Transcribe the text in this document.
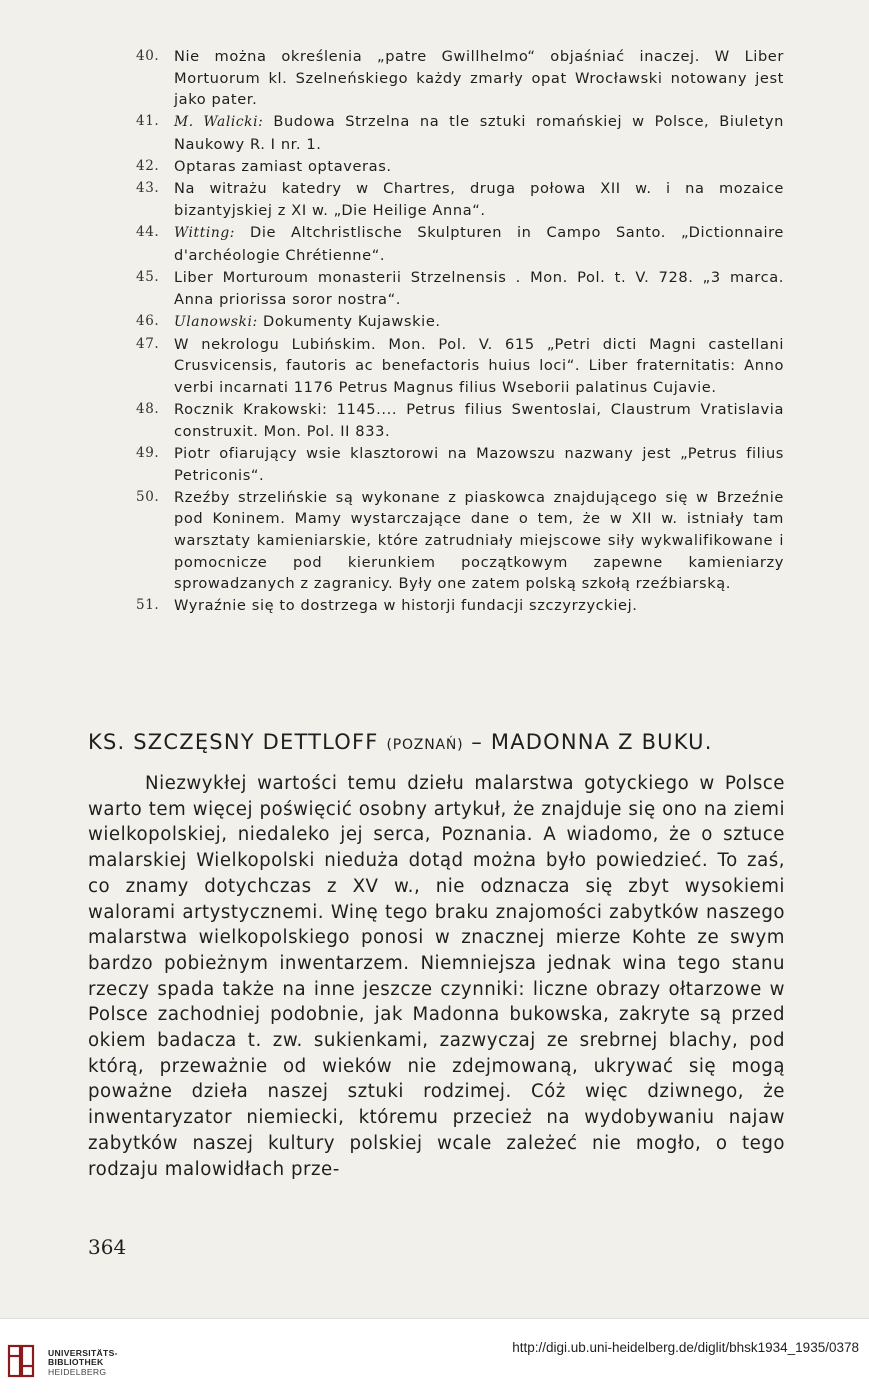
40.	Nie można określenia „patre Gwillhelmo“ objaśniać inaczej. W Liber Mortuorum kl. Szelneńskiego każdy zmarły opat Wrocławski notowany jest jako pater.
41.	M. Walicki: Budowa Strzelna na tle sztuki romańskiej w Polsce, Biuletyn Naukowy R. I nr. 1.
42.	Optaras zamiast optaveras.
43.	Na witrażu katedry w Chartres, druga połowa XII w. i na mozaice bizantyjskiej z XI w. „Die Heilige Anna“.
44.	Witting: Die Altchristlische Skulpturen in Campo Santo. „Dictionnaire d'archéologie Chrétienne“.
45.	Liber Morturoum monasterii Strzelnensis . Mon. Pol. t. V. 728. „3 marca. Anna priorissa soror nostra“.
46.	Ulanowski: Dokumenty Kujawskie.
47.	W nekrologu Lubińskim. Mon. Pol. V. 615 „Petri dicti Magni castellani Crusvicensis, fautoris ac benefactoris huius loci“. Liber fraternitatis: Anno verbi incarnati 1176 Petrus Magnus filius Wseborii palatinus Cujavie.
48.	Rocznik Krakowski: 1145.... Petrus filius Swentoslai, Claustrum Vratislavia construxit. Mon. Pol. II 833.
49.	Piotr ofiarujący wsie klasztorowi na Mazowszu nazwany jest „Petrus filius Petriconis“.
50.	Rzeźby strzelińskie są wykonane z piaskowca znajdującego się w Brzeźnie pod Koninem. Mamy wystarczające dane o tem, że w XII w. istniały tam warsztaty kamieniarskie, które zatrudniały miejscowe siły wykwalifikowane i pomocnicze pod kierunkiem początkowym zapewne kamieniarzy sprowadzanych z zagranicy. Były one zatem polską szkołą rzeźbiarską.
51.	Wyraźnie się to dostrzega w historji fundacji szczyrzyckiej.
KS. SZCZĘSNY DETTLOFF (POZNAŃ) – MADONNA Z BUKU.

Niezwykłej wartości temu dziełu malarstwa gotyckiego w Polsce warto tem więcej poświęcić osobny artykuł, że znajduje się ono na ziemi wielkopolskiej, niedaleko jej serca, Poznania. A wiadomo, że o sztuce malarskiej Wielkopolski nieduża dotąd można było powiedzieć. To zaś, co znamy dotychczas z XV w., nie odznacza się zbyt wysokiemi walorami artystycznemi. Winę tego braku znajomości zabytków naszego malarstwa wielkopolskiego ponosi w znacznej mierze Kohte ze swym bardzo pobieżnym inwentarzem. Niemniejsza jednak wina tego stanu rzeczy spada także na inne jeszcze czynniki: liczne obrazy ołtarzowe w Polsce zachodniej podobnie, jak Madonna bukowska, zakryte są przed okiem badacza t. zw. sukienkami, zazwyczaj ze srebrnej blachy, pod którą, przeważnie od wieków nie zdejmowaną, ukrywać się mogą poważne dzieła naszej sztuki rodzimej. Cóż więc dziwnego, że inwentaryzator niemiecki, któremu przecież na wydobywaniu najaw zabytków naszej kultury polskiej wcale zależeć nie mogło, o tego rodzaju malowidłach prze-

364
UNIVERSITÄTS-
BIBLIOTHEK
HEIDELBERG
http://digi.ub.uni-heidelberg.de/diglit/bhsk1934_1935/0378
